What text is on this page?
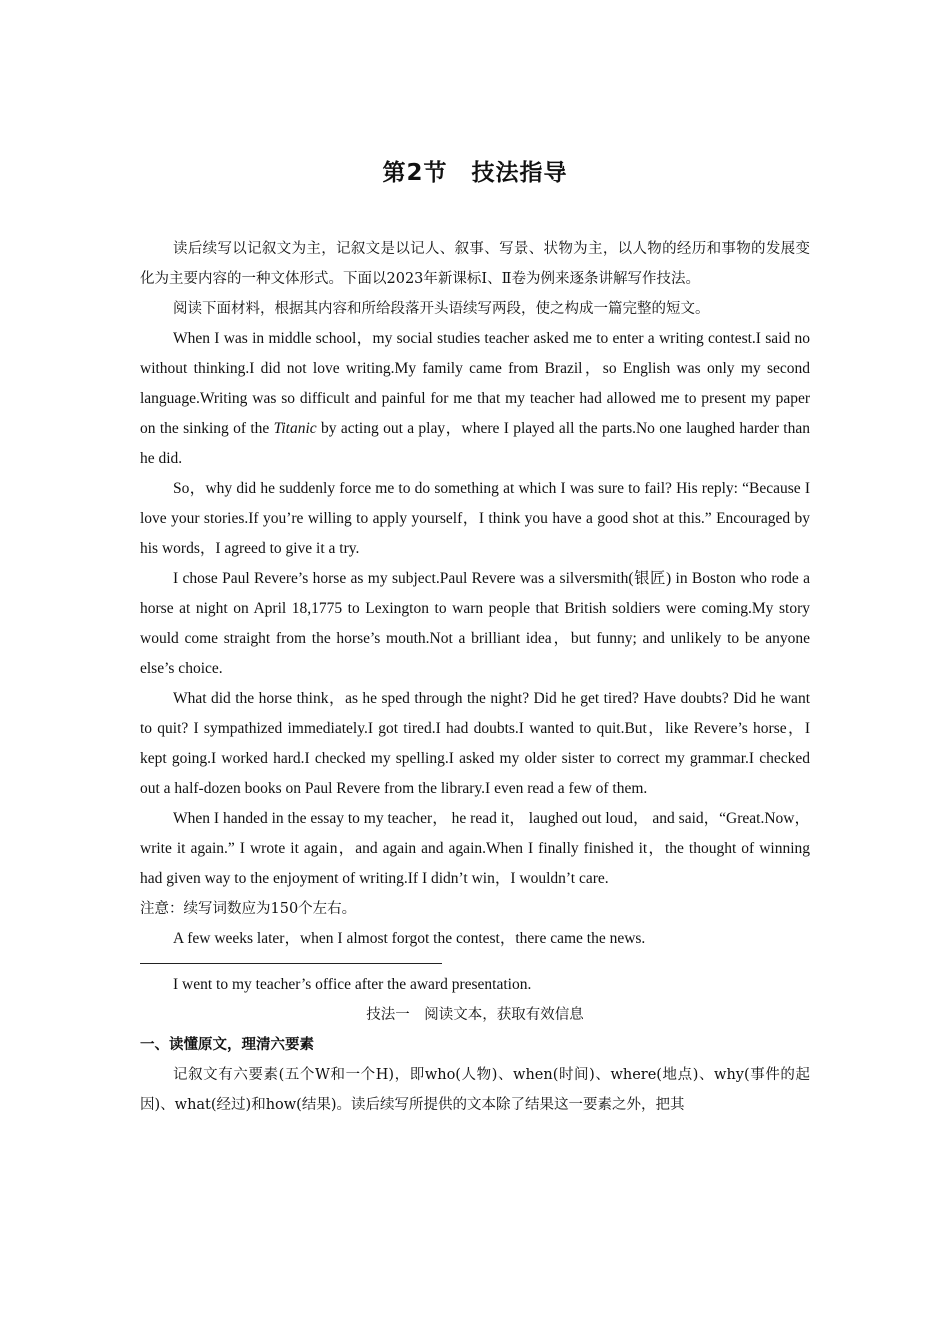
第2节　技法指导

读后续写以记叙文为主，记叙文是以记人、叙事、写景、状物为主，以人物的经历和事物的发展变化为主要内容的一种文体形式。下面以2023年新课标Ⅰ、Ⅱ卷为例来逐条讲解写作技法。

阅读下面材料，根据其内容和所给段落开头语续写两段，使之构成一篇完整的短文。

When I was in middle school，my social studies teacher asked me to enter a writing contest.I said no without thinking.I did not love writing.My family came from Brazil，so English was only my second language.Writing was so difficult and painful for me that my teacher had allowed me to present my paper on the sinking of the Titanic by acting out a play，where I played all the parts.No one laughed harder than he did.

So，why did he suddenly force me to do something at which I was sure to fail? His reply: “Because I love your stories.If you’re willing to apply yourself，I think you have a good shot at this.” Encouraged by his words，I agreed to give it a try.

I chose Paul Revere’s horse as my subject.Paul Revere was a silversmith(银匠) in Boston who rode a horse at night on April 18,1775 to Lexington to warn people that British soldiers were coming.My story would come straight from the horse’s mouth.Not a brilliant idea，but funny; and unlikely to be anyone else’s choice.

What did the horse think，as he sped through the night? Did he get tired? Have doubts? Did he want to quit? I sympathized immediately.I got tired.I had doubts.I wanted to quit.But，like Revere’s horse，I kept going.I worked hard.I checked my spelling.I asked my older sister to correct my grammar.I checked out a half-dozen books on Paul Revere from the library.I even read a few of them.

When I handed in the essay to my teacher， he read it， laughed out loud， and said，“Great.Now，write it again.” I wrote it again，and again and again.When I finally finished it，the thought of winning had given way to the enjoyment of writing.If I didn’t win，I wouldn’t care.

注意：续写词数应为150个左右。

A few weeks later，when I almost forgot the contest，there came the news.

I went to my teacher’s office after the award presentation.

技法一　阅读文本，获取有效信息

一、读懂原文，理清六要素

记叙文有六要素(五个W和一个H)，即who(人物)、when(时间)、where(地点)、why(事件的起因)、what(经过)和how(结果)。读后续写所提供的文本除了结果这一要素之外，把其
